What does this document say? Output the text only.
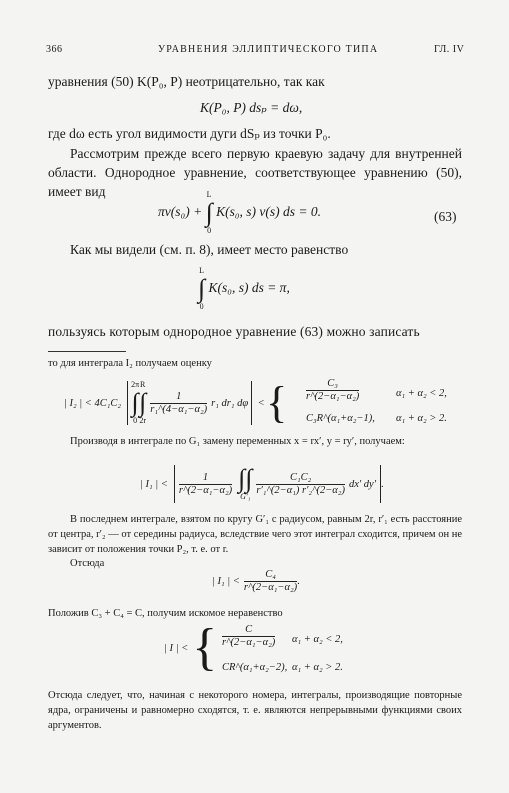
366	УРАВНЕНИЯ ЭЛЛИПТИЧЕСКОГО ТИПА	ГЛ. IV
уравнения (50) K(P₀, P) неотрицательно, так как
K(P₀, P) dsₚ = dω,
где dω есть угол видимости дуги dSₚ из точки P₀.
Рассмотрим прежде всего первую краевую задачу для внутренней области. Однородное уравнение, соответствующее уравнению (50), имеет вид
πν(s₀) + L
∫
0 K(s₀, s) ν(s) ds = 0.	(63)
Как мы видели (см. п. 8), имеет место равенство
L
∫
0 K(s₀, s) ds = π,
пользуясь которым однородное уравнение (63) можно записать
то для интеграла I₂ получаем оценку
| I₂ | < 4C₁C₂
2π
∫
0
R
∫
2r
$\frac{1}{\text{r₁\textasciicircum{}(4−α₁−α₂)}} r_1$ dr₁ dφ < { $\frac{\text{C₃}}{\text{r\textasciicircum{}(2−α₁−α₂)}}$	α₁ + α₂ < 2,
C₃R^(α₁+α₂−1), α₁ + α₂ > 2.
Производя в интеграле по G₁ замену переменных x = rx′, y = ry′, получаем:
| I₁ | < $\frac{1}{\text{r\textasciicircum{}(2−α₁−α₂)}}$ ∫∫
$G'_1 \frac{\text{C₁C₂}}{\text{r′₁\textasciicircum{}(2−α₁) r′₂\textasciicircum{}(2−α₂)}} dx'$ dy′ .
В последнем интеграле, взятом по кругу G′₁ с радиусом, равным 2r, r′₁ есть расстояние от центра, r′₂ — от середины радиуса, вследствие чего этот интеграл сходится, причем он не зависит от положения точки P₂, т. е. от r.
Отсюда
| I₁ | < $\frac{\text{C₄}}{\text{r\textasciicircum{}(2−α₁−α₂)}}$ .
Положив C₃ + C₄ = C, получим искомое неравенство
| I | < { $\frac{C}{\text{r\textasciicircum{}(2−α₁−α₂)}} \alpha_1 + \alpha_2 < 2$,
CR^(α₁+α₂−2), α₁ + α₂ > 2.
Отсюда следует, что, начиная с некоторого номера, интегралы, производящие повторные ядра, ограничены и равномерно сходятся, т. е. являются непрерывными функциями своих аргументов.
